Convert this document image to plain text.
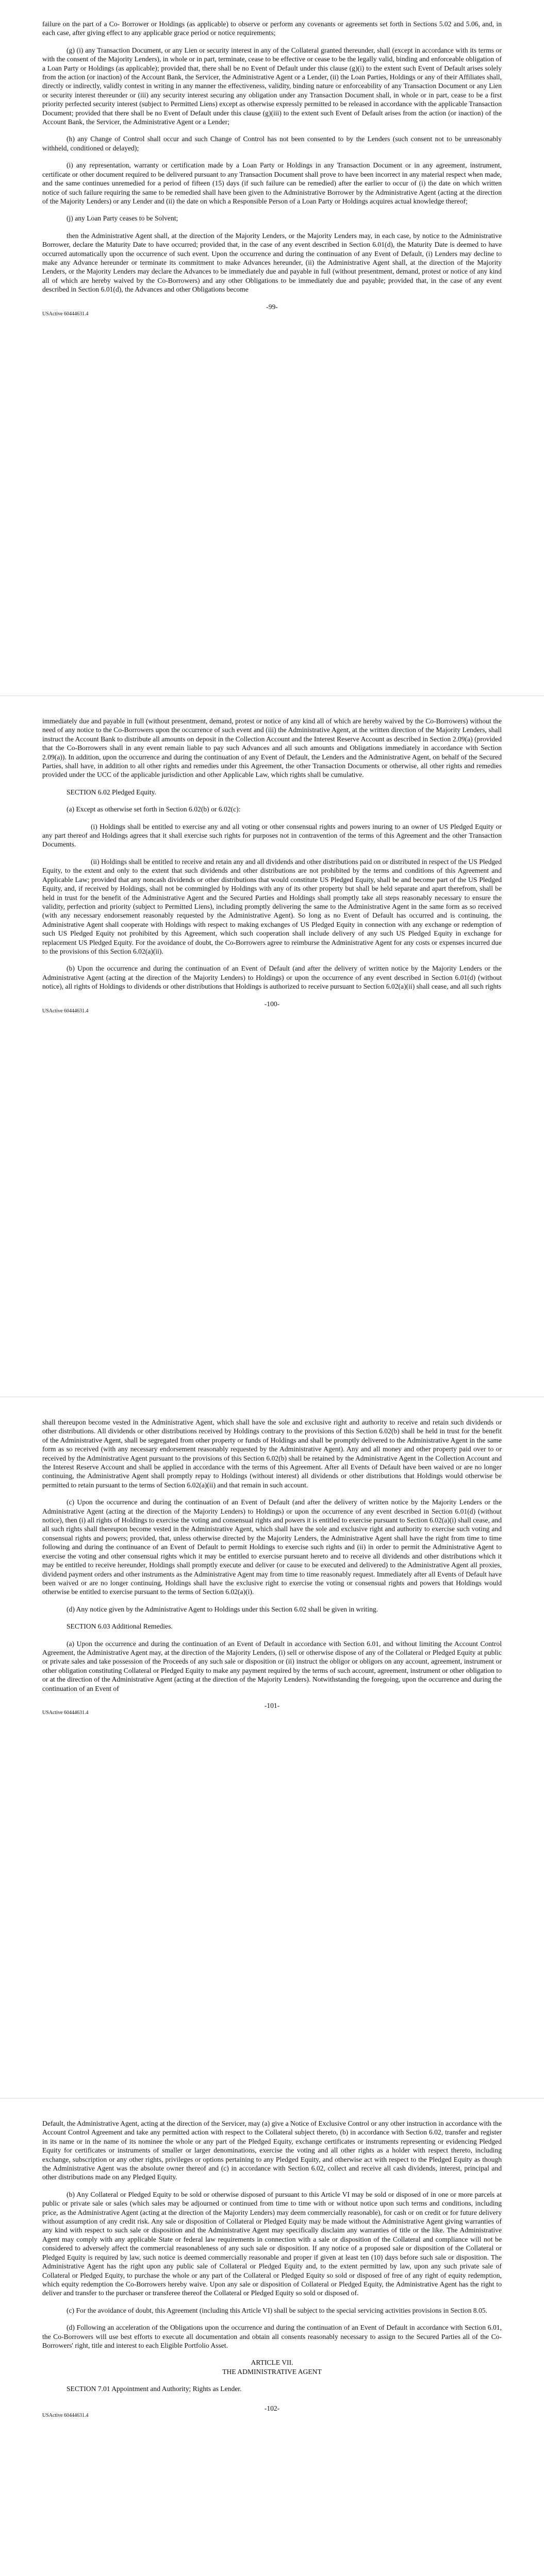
failure on the part of a Co- Borrower or Holdings (as applicable) to observe or perform any covenants or agreements set forth in Sections 5.02 and 5.06, and, in each case, after giving effect to any applicable grace period or notice requirements;

(g) (i) any Transaction Document, or any Lien or security interest in any of the Collateral granted thereunder, shall (except in accordance with its terms or with the consent of the Majority Lenders), in whole or in part, terminate, cease to be effective or cease to be the legally valid, binding and enforceable obligation of a Loan Party or Holdings (as applicable); provided that, there shall be no Event of Default under this clause (g)(i) to the extent such Event of Default arises solely from the action (or inaction) of the Account Bank, the Servicer, the Administrative Agent or a Lender, (ii) the Loan Parties, Holdings or any of their Affiliates shall, directly or indirectly, validly contest in writing in any manner the effectiveness, validity, binding nature or enforceability of any Transaction Document or any Lien or security interest thereunder or (iii) any security interest securing any obligation under any Transaction Document shall, in whole or in part, cease to be a first priority perfected security interest (subject to Permitted Liens) except as otherwise expressly permitted to be released in accordance with the applicable Transaction Document; provided that there shall be no Event of Default under this clause (g)(iii) to the extent such Event of Default arises from the action (or inaction) of the Account Bank, the Servicer, the Administrative Agent or a Lender;

(h) any Change of Control shall occur and such Change of Control has not been consented to by the Lenders (such consent not to be unreasonably withheld, conditioned or delayed);

(i) any representation, warranty or certification made by a Loan Party or Holdings in any Transaction Document or in any agreement, instrument, certificate or other document required to be delivered pursuant to any Transaction Document shall prove to have been incorrect in any material respect when made, and the same continues unremedied for a period of fifteen (15) days (if such failure can be remedied) after the earlier to occur of (i) the date on which written notice of such failure requiring the same to be remedied shall have been given to the Administrative Borrower by the Administrative Agent (acting at the direction of the Majority Lenders) or any Lender and (ii) the date on which a Responsible Person of a Loan Party or Holdings acquires actual knowledge thereof;

(j) any Loan Party ceases to be Solvent;

then the Administrative Agent shall, at the direction of the Majority Lenders, or the Majority Lenders may, in each case, by notice to the Administrative Borrower, declare the Maturity Date to have occurred; provided that, in the case of any event described in Section 6.01(d), the Maturity Date is deemed to have occurred automatically upon the occurrence of such event. Upon the occurrence and during the continuation of any Event of Default, (i) Lenders may decline to make any Advance hereunder or terminate its commitment to make Advances hereunder, (ii) the Administrative Agent shall, at the direction of the Majority Lenders, or the Majority Lenders may declare the Advances to be immediately due and payable in full (without presentment, demand, protest or notice of any kind all of which are hereby waived by the Co-Borrowers) and any other Obligations to be immediately due and payable; provided that, in the case of any event described in Section 6.01(d), the Advances and other Obligations become

-99-
USActive 60444631.4

immediately due and payable in full (without presentment, demand, protest or notice of any kind all of which are hereby waived by the Co-Borrowers) without the need of any notice to the Co-Borrowers upon the occurrence of such event and (iii) the Administrative Agent, at the written direction of the Majority Lenders, shall instruct the Account Bank to distribute all amounts on deposit in the Collection Account and the Interest Reserve Account as described in Section 2.09(a) (provided that the Co-Borrowers shall in any event remain liable to pay such Advances and all such amounts and Obligations immediately in accordance with Section 2.09(a)). In addition, upon the occurrence and during the continuation of any Event of Default, the Lenders and the Administrative Agent, on behalf of the Secured Parties, shall have, in addition to all other rights and remedies under this Agreement, the other Transaction Documents or otherwise, all other rights and remedies provided under the UCC of the applicable jurisdiction and other Applicable Law, which rights shall be cumulative.

SECTION 6.02 Pledged Equity.

(a) Except as otherwise set forth in Section 6.02(b) or 6.02(c):

(i) Holdings shall be entitled to exercise any and all voting or other consensual rights and powers inuring to an owner of US Pledged Equity or any part thereof and Holdings agrees that it shall exercise such rights for purposes not in contravention of the terms of this Agreement and the other Transaction Documents.

(ii) Holdings shall be entitled to receive and retain any and all dividends and other distributions paid on or distributed in respect of the US Pledged Equity, to the extent and only to the extent that such dividends and other distributions are not prohibited by the terms and conditions of this Agreement and Applicable Law; provided that any noncash dividends or other distributions that would constitute US Pledged Equity, shall be and become part of the US Pledged Equity, and, if received by Holdings, shall not be commingled by Holdings with any of its other property but shall be held separate and apart therefrom, shall be held in trust for the benefit of the Administrative Agent and the Secured Parties and Holdings shall promptly take all steps reasonably necessary to ensure the validity, perfection and priority (subject to Permitted Liens), including promptly delivering the same to the Administrative Agent in the same form as so received (with any necessary endorsement reasonably requested by the Administrative Agent). So long as no Event of Default has occurred and is continuing, the Administrative Agent shall cooperate with Holdings with respect to making exchanges of US Pledged Equity in connection with any exchange or redemption of such US Pledged Equity not prohibited by this Agreement, which such cooperation shall include delivery of any such US Pledged Equity in exchange for replacement US Pledged Equity. For the avoidance of doubt, the Co-Borrowers agree to reimburse the Administrative Agent for any costs or expenses incurred due to the provisions of this Section 6.02(a)(ii).

(b) Upon the occurrence and during the continuation of an Event of Default (and after the delivery of written notice by the Majority Lenders or the Administrative Agent (acting at the direction of the Majority Lenders) to Holdings) or upon the occurrence of any event described in Section 6.01(d) (without notice), all rights of Holdings to dividends or other distributions that Holdings is authorized to receive pursuant to Section 6.02(a)(ii) shall cease, and all such rights

-100-
USActive 60444631.4

shall thereupon become vested in the Administrative Agent, which shall have the sole and exclusive right and authority to receive and retain such dividends or other distributions. All dividends or other distributions received by Holdings contrary to the provisions of this Section 6.02(b) shall be held in trust for the benefit of the Administrative Agent, shall be segregated from other property or funds of Holdings and shall be promptly delivered to the Administrative Agent in the same form as so received (with any necessary endorsement reasonably requested by the Administrative Agent). Any and all money and other property paid over to or received by the Administrative Agent pursuant to the provisions of this Section 6.02(b) shall be retained by the Administrative Agent in the Collection Account and the Interest Reserve Account and shall be applied in accordance with the terms of this Agreement. After all Events of Default have been waived or are no longer continuing, the Administrative Agent shall promptly repay to Holdings (without interest) all dividends or other distributions that Holdings would otherwise be permitted to retain pursuant to the terms of Section 6.02(a)(ii) and that remain in such account.

(c) Upon the occurrence and during the continuation of an Event of Default (and after the delivery of written notice by the Majority Lenders or the Administrative Agent (acting at the direction of the Majority Lenders) to Holdings) or upon the occurrence of any event described in Section 6.01(d) (without notice), then (i) all rights of Holdings to exercise the voting and consensual rights and powers it is entitled to exercise pursuant to Section 6.02(a)(i) shall cease, and all such rights shall thereupon become vested in the Administrative Agent, which shall have the sole and exclusive right and authority to exercise such voting and consensual rights and powers; provided, that, unless otherwise directed by the Majority Lenders, the Administrative Agent shall have the right from time to time following and during the continuance of an Event of Default to permit Holdings to exercise such rights and (ii) in order to permit the Administrative Agent to exercise the voting and other consensual rights which it may be entitled to exercise pursuant hereto and to receive all dividends and other distributions which it may be entitled to receive hereunder, Holdings shall promptly execute and deliver (or cause to be executed and delivered) to the Administrative Agent all proxies, dividend payment orders and other instruments as the Administrative Agent may from time to time reasonably request. Immediately after all Events of Default have been waived or are no longer continuing, Holdings shall have the exclusive right to exercise the voting or consensual rights and powers that Holdings would otherwise be entitled to exercise pursuant to the terms of Section 6.02(a)(i).

(d) Any notice given by the Administrative Agent to Holdings under this Section 6.02 shall be given in writing.

SECTION 6.03 Additional Remedies.

(a) Upon the occurrence and during the continuation of an Event of Default in accordance with Section 6.01, and without limiting the Account Control Agreement, the Administrative Agent may, at the direction of the Majority Lenders, (i) sell or otherwise dispose of any of the Collateral or Pledged Equity at public or private sales and take possession of the Proceeds of any such sale or disposition or (ii) instruct the obligor or obligors on any account, agreement, instrument or other obligation constituting Collateral or Pledged Equity to make any payment required by the terms of such account, agreement, instrument or other obligation to or at the direction of the Administrative Agent (acting at the direction of the Majority Lenders). Notwithstanding the foregoing, upon the occurrence and during the continuation of an Event of

-101-
USActive 60444631.4

Default, the Administrative Agent, acting at the direction of the Servicer, may (a) give a Notice of Exclusive Control or any other instruction in accordance with the Account Control Agreement and take any permitted action with respect to the Collateral subject thereto, (b) in accordance with Section 6.02, transfer and register in its name or in the name of its nominee the whole or any part of the Pledged Equity, exchange certificates or instruments representing or evidencing Pledged Equity for certificates or instruments of smaller or larger denominations, exercise the voting and all other rights as a holder with respect thereto, including exchange, subscription or any other rights, privileges or options pertaining to any Pledged Equity, and otherwise act with respect to the Pledged Equity as though the Administrative Agent was the absolute owner thereof and (c) in accordance with Section 6.02, collect and receive all cash dividends, interest, principal and other distributions made on any Pledged Equity.

(b) Any Collateral or Pledged Equity to be sold or otherwise disposed of pursuant to this Article VI may be sold or disposed of in one or more parcels at public or private sale or sales (which sales may be adjourned or continued from time to time with or without notice upon such terms and conditions, including price, as the Administrative Agent (acting at the direction of the Majority Lenders) may deem commercially reasonable), for cash or on credit or for future delivery without assumption of any credit risk. Any sale or disposition of Collateral or Pledged Equity may be made without the Administrative Agent giving warranties of any kind with respect to such sale or disposition and the Administrative Agent may specifically disclaim any warranties of title or the like. The Administrative Agent may comply with any applicable State or federal law requirements in connection with a sale or disposition of the Collateral and compliance will not be considered to adversely affect the commercial reasonableness of any such sale or disposition. If any notice of a proposed sale or disposition of the Collateral or Pledged Equity is required by law, such notice is deemed commercially reasonable and proper if given at least ten (10) days before such sale or disposition. The Administrative Agent has the right upon any public sale of Collateral or Pledged Equity and, to the extent permitted by law, upon any such private sale of Collateral or Pledged Equity, to purchase the whole or any part of the Collateral or Pledged Equity so sold or disposed of free of any right of equity redemption, which equity redemption the Co-Borrowers hereby waive. Upon any sale or disposition of Collateral or Pledged Equity, the Administrative Agent has the right to deliver and transfer to the purchaser or transferee thereof the Collateral or Pledged Equity so sold or disposed of.

(c) For the avoidance of doubt, this Agreement (including this Article VI) shall be subject to the special servicing activities provisions in Section 8.05.

(d) Following an acceleration of the Obligations upon the occurrence and during the continuation of an Event of Default in accordance with Section 6.01, the Co-Borrowers will use best efforts to execute all documentation and obtain all consents reasonably necessary to assign to the Secured Parties all of the Co-Borrowers' right, title and interest to each Eligible Portfolio Asset.

ARTICLE VII.

THE ADMINISTRATIVE AGENT

SECTION 7.01 Appointment and Authority; Rights as Lender.

-102-
USActive 60444631.4
